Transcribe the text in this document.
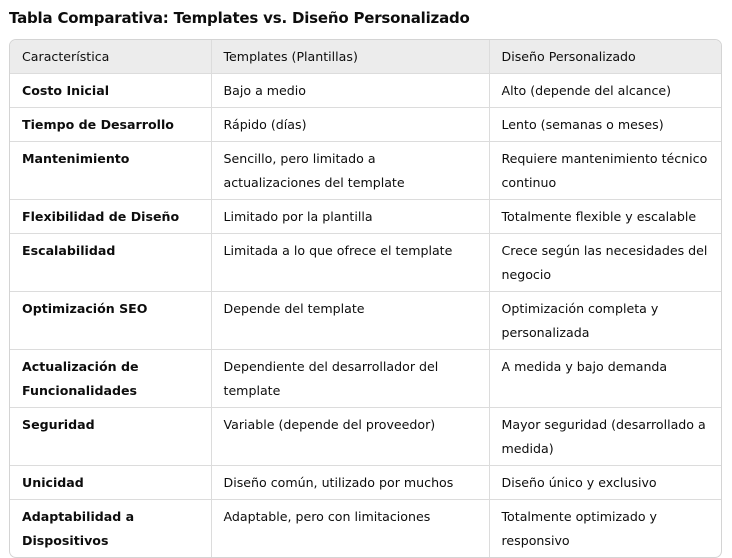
Tabla Comparativa: Templates vs. Diseño Personalizado
Característica	Templates (Plantillas)	Diseño Personalizado
Costo Inicial	Bajo a medio	Alto (depende del alcance)
Tiempo de Desarrollo	Rápido (días)	Lento (semanas o meses)
Mantenimiento	Sencillo, pero limitado a actualizaciones del template	Requiere mantenimiento técnico continuo
Flexibilidad de Diseño	Limitado por la plantilla	Totalmente flexible y escalable
Escalabilidad	Limitada a lo que ofrece el template	Crece según las necesidades del negocio
Optimización SEO	Depende del template	Optimización completa y personalizada
Actualización de Funcionalidades	Dependiente del desarrollador del template	A medida y bajo demanda
Seguridad	Variable (depende del proveedor)	Mayor seguridad (desarrollado a medida)
Unicidad	Diseño común, utilizado por muchos	Diseño único y exclusivo
Adaptabilidad a Dispositivos	Adaptable, pero con limitaciones	Totalmente optimizado y responsivo
